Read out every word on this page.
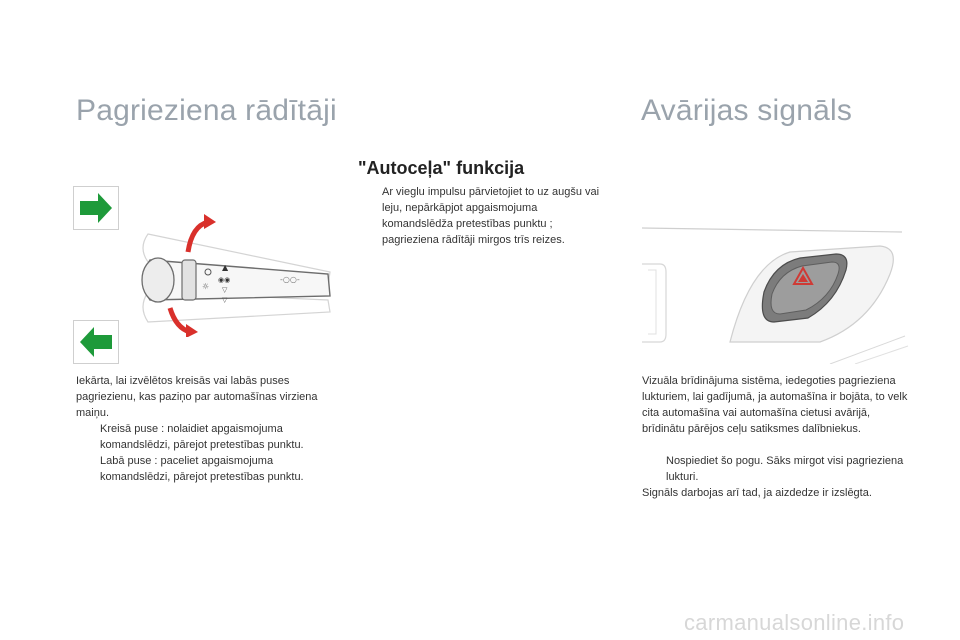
Pagrieziena rādītāji	Avārijas signāls
"Autoceļa" funkcija
☼
▲
◉◉
▽
▽
-○○-
Iekārta, lai izvēlētos kreisās vai labās puses pagriezienu, kas paziņo par automašīnas virziena maiņu.
Kreisā puse : nolaidiet apgaismojuma komandslēdzi, pārejot pretestības punktu.
Labā puse : paceliet apgaismojuma komandslēdzi, pārejot pretestības punktu.
Ar vieglu impulsu pārvietojiet to uz augšu vai leju, nepārkāpjot apgaismojuma komandslēdža pretestības punktu ; pagrieziena rādītāji mirgos trīs reizes.
Vizuāla brīdinājuma sistēma, iedegoties pagrieziena lukturiem, lai gadījumā, ja automašīna ir bojāta, to velk cita automašīna vai automašīna cietusi avārijā, brīdinātu pārējos ceļu satiksmes dalībniekus.
Nospiediet šo pogu. Sāks mirgot visi pagrieziena lukturi.
Signāls darbojas arī tad, ja aizdedze ir izslēgta.
carmanualsonline.info
